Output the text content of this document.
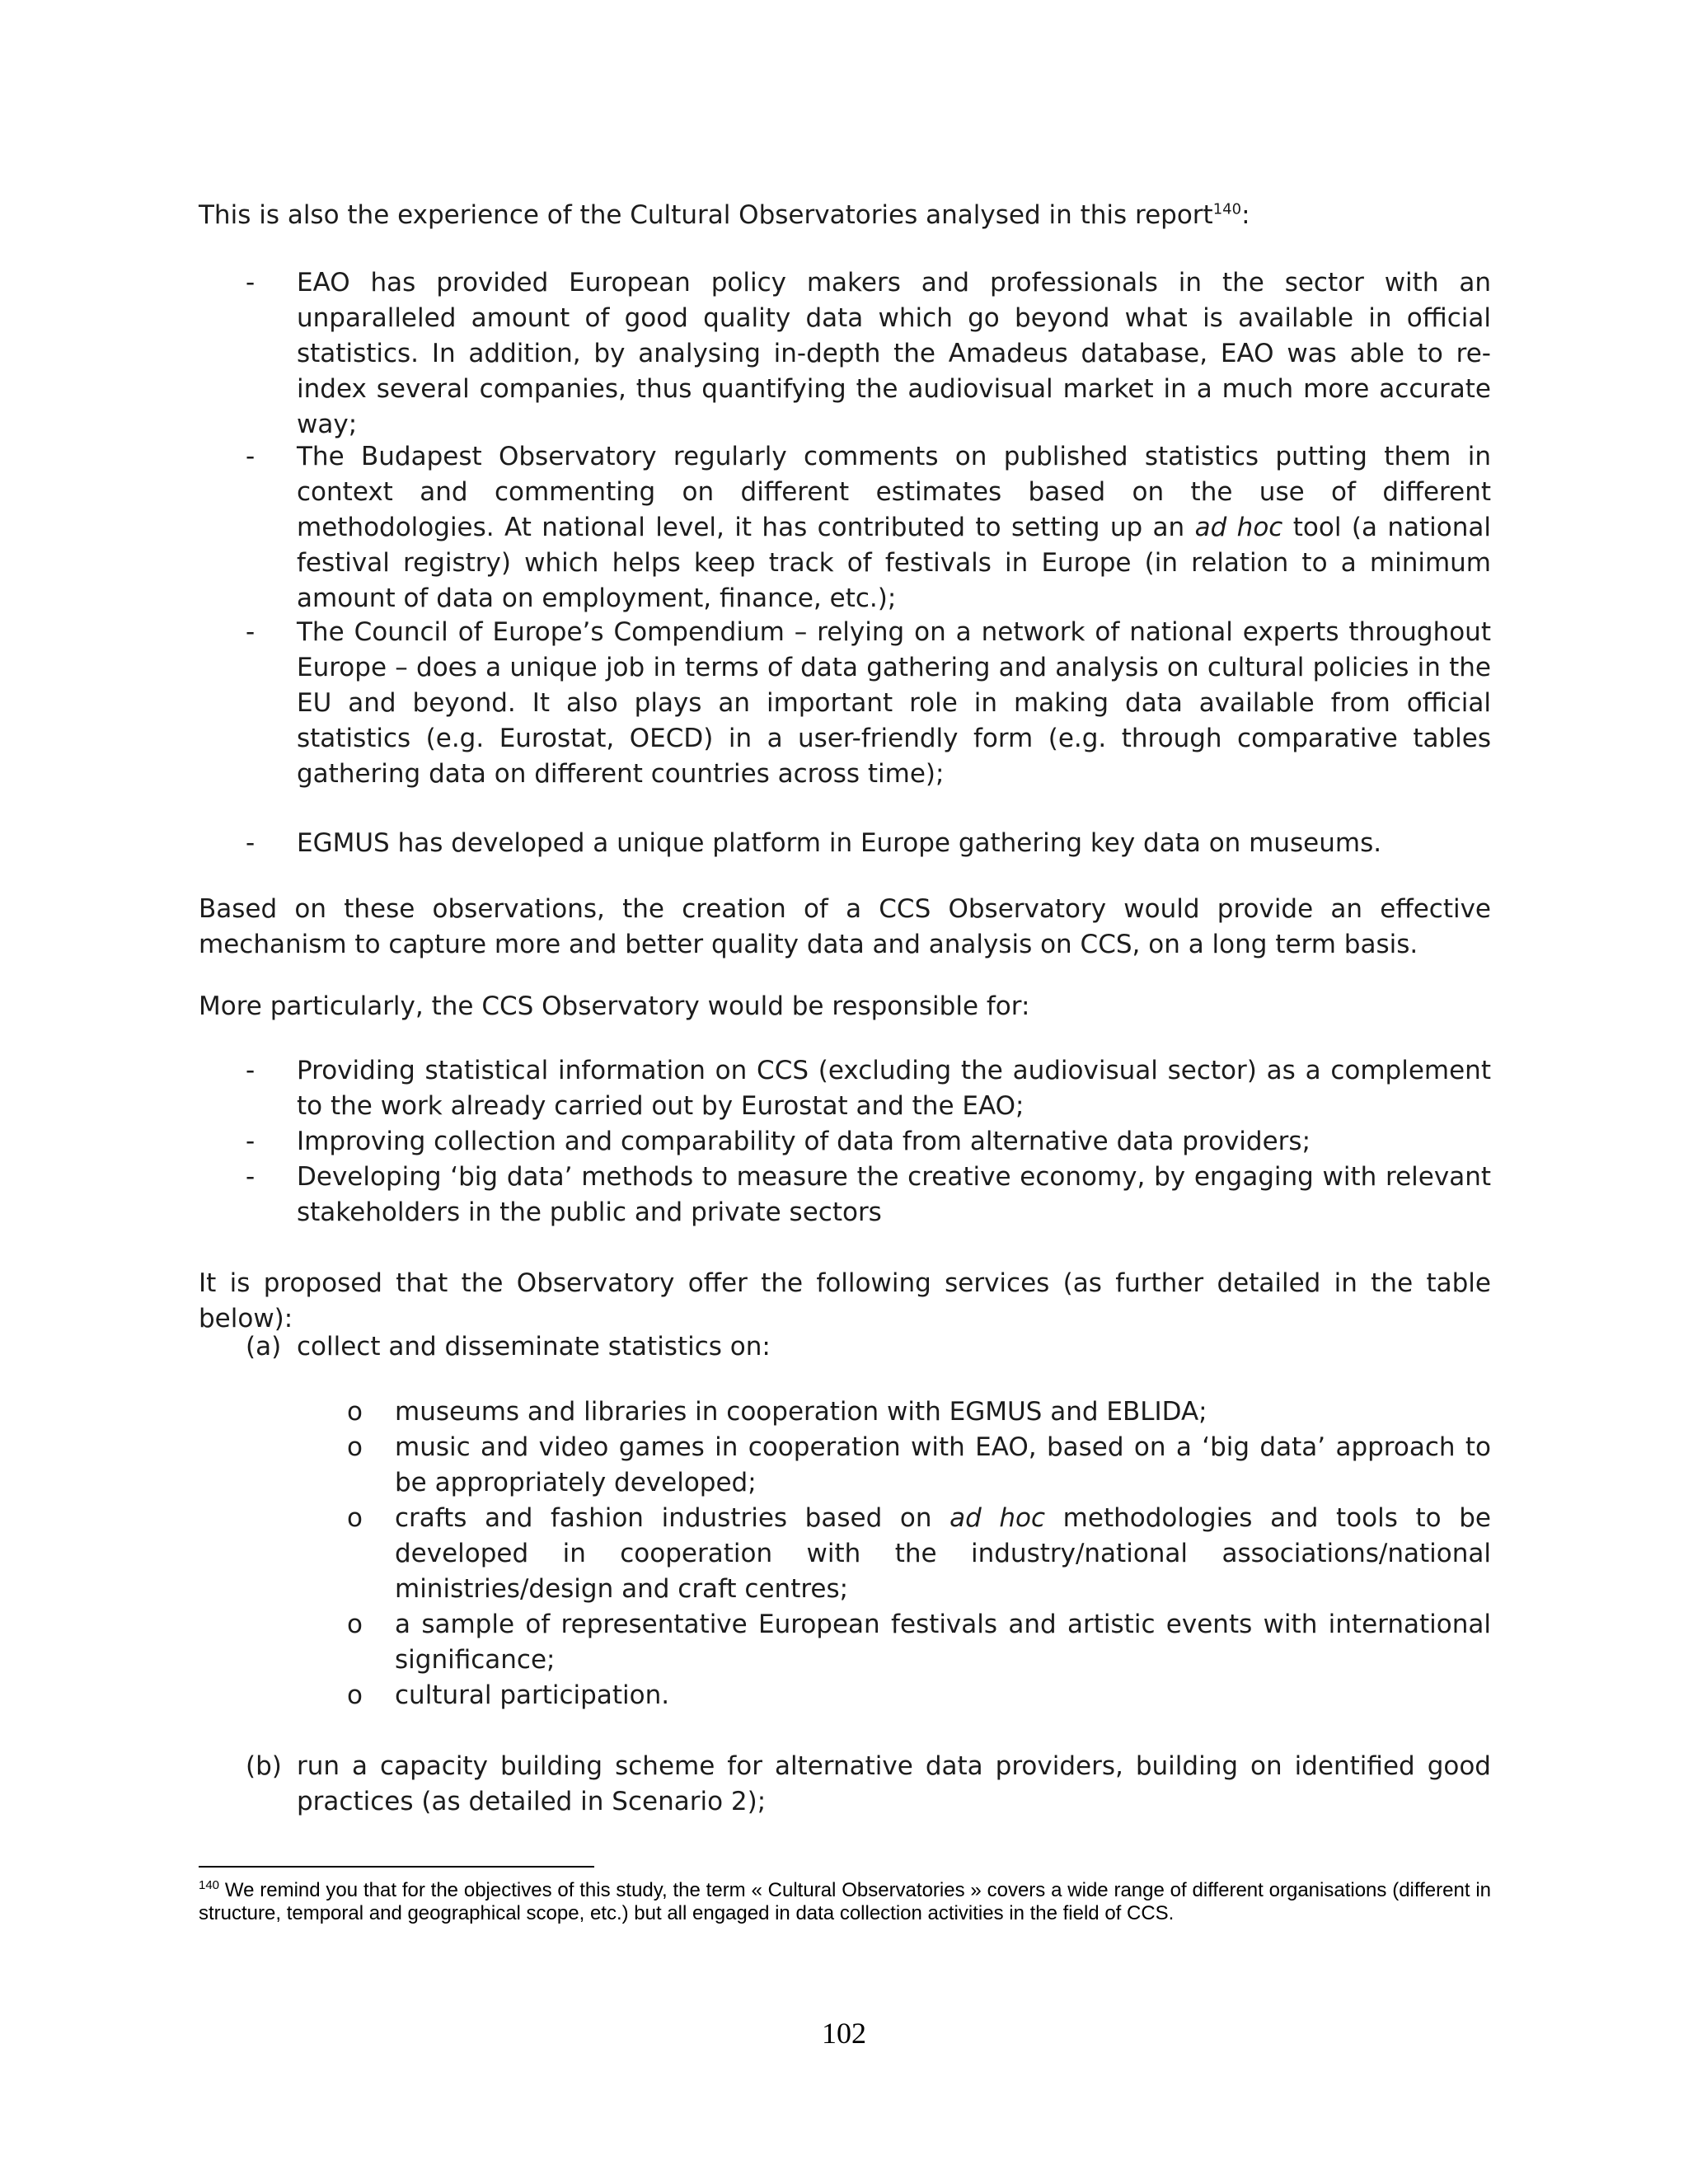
This is also the experience of the Cultural Observatories analysed in this report$^{140}$:

-	EAO has provided European policy makers and professionals in the sector with an unparalleled amount of good quality data which go beyond what is available in official statistics. In addition, by analysing in-depth the Amadeus database, EAO was able to re-index several companies, thus quantifying the audiovisual market in a much more accurate way;
-	The Budapest Observatory regularly comments on published statistics putting them in context and commenting on different estimates based on the use of different methodologies. At national level, it has contributed to setting up an ad hoc tool (a national festival registry) which helps keep track of festivals in Europe (in relation to a minimum amount of data on employment, finance, etc.);
-	The Council of Europe’s Compendium – relying on a network of national experts throughout Europe – does a unique job in terms of data gathering and analysis on cultural policies in the EU and beyond. It also plays an important role in making data available from official statistics (e.g. Eurostat, OECD) in a user-friendly form (e.g. through comparative tables gathering data on different countries across time);
-	EGMUS has developed a unique platform in Europe gathering key data on museums.

Based on these observations, the creation of a CCS Observatory would provide an effective mechanism to capture more and better quality data and analysis on CCS, on a long term basis.

More particularly, the CCS Observatory would be responsible for:

-	Providing statistical information on CCS (excluding the audiovisual sector) as a complement to the work already carried out by Eurostat and the EAO;
-	Improving collection and comparability of data from alternative data providers;
-	Developing ‘big data’ methods to measure the creative economy, by engaging with relevant stakeholders in the public and private sectors

It is proposed that the Observatory offer the following services (as further detailed in the table below):

(a) collect and disseminate statistics on:
o museums and libraries in cooperation with EGMUS and EBLIDA;
o music and video games in cooperation with EAO, based on a ‘big data’ approach to be appropriately developed;
o crafts and fashion industries based on ad hoc methodologies and tools to be developed in cooperation with the industry/national associations/national ministries/design and craft centres;
o a sample of representative European festivals and artistic events with international significance;
o cultural participation.
(b) run a capacity building scheme for alternative data providers, building on identified good practices (as detailed in Scenario 2);

$^{140}$ We remind you that for the objectives of this study, the term « Cultural Observatories » covers a wide range of different organisations (different in structure, temporal and geographical scope, etc.) but all engaged in data collection activities in the field of CCS.

102
